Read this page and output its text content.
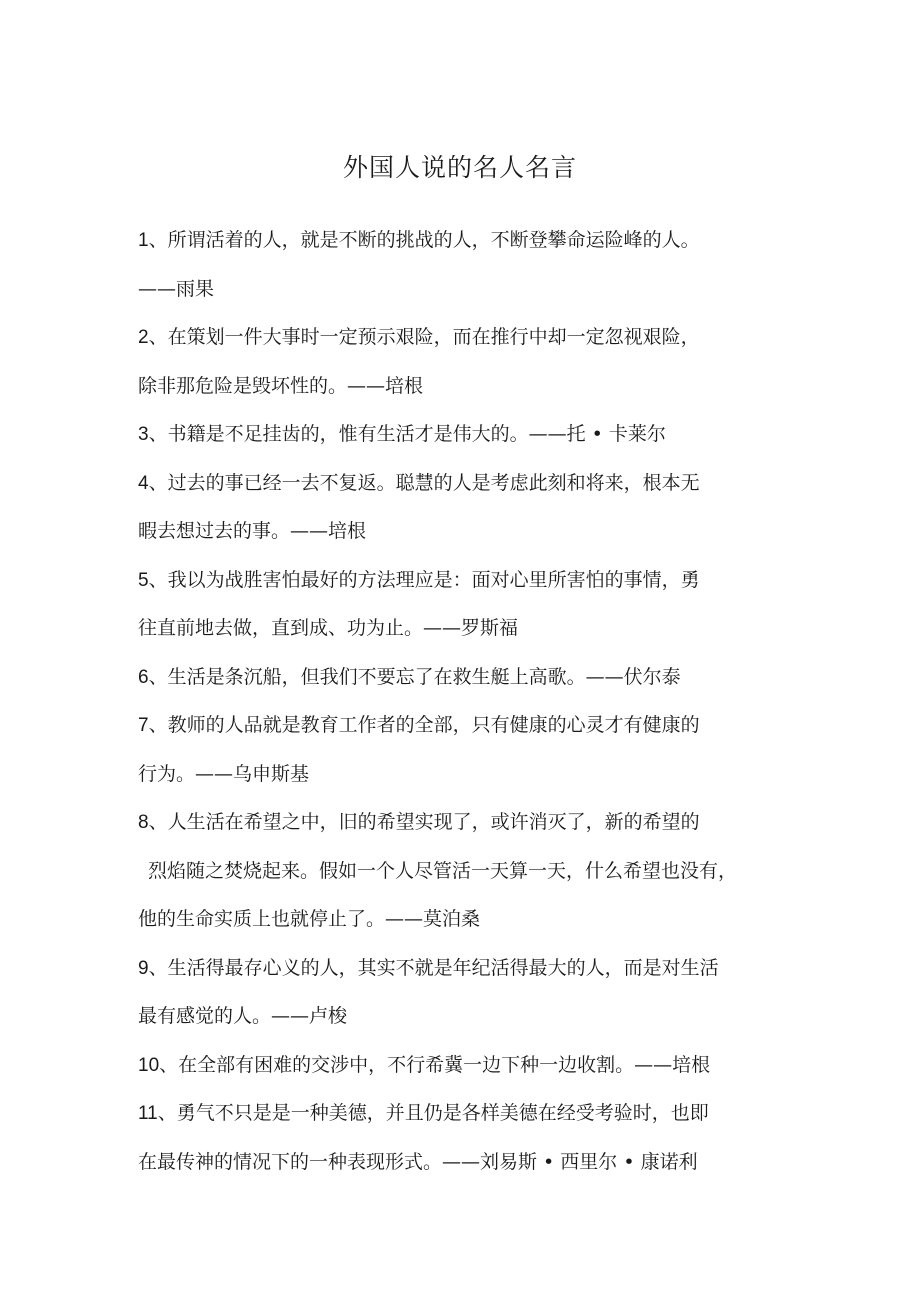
外国人说的名人名言
1、所谓活着的人，就是不断的挑战的人，不断登攀命运险峰的人。
——雨果
2、在策划一件大事时一定预示艰险，而在推行中却一定忽视艰险，
除非那危险是毁坏性的。——培根
3、书籍是不足挂齿的，惟有生活才是伟大的。——托 • 卡莱尔
4、过去的事已经一去不复返。聪慧的人是考虑此刻和将来，根本无
暇去想过去的事。——培根
5、我以为战胜害怕最好的方法理应是：面对心里所害怕的事情，勇
往直前地去做，直到成、功为止。——罗斯福
6、生活是条沉船，但我们不要忘了在救生艇上高歌。——伏尔泰
7、教师的人品就是教育工作者的全部，只有健康的心灵才有健康的
行为。——乌申斯基
8、人生活在希望之中，旧的希望实现了，或许消灭了，新的希望的
烈焰随之焚烧起来。假如一个人尽管活一天算一天，什么希望也没有，
他的生命实质上也就停止了。——莫泊桑
9、生活得最存心义的人，其实不就是年纪活得最大的人，而是对生活
最有感觉的人。——卢梭
10、在全部有困难的交涉中，不行希冀一边下种一边收割。——培根
11、勇气不只是是一种美德，并且仍是各样美德在经受考验时，也即
在最传神的情况下的一种表现形式。——刘易斯 • 西里尔 • 康诺利
